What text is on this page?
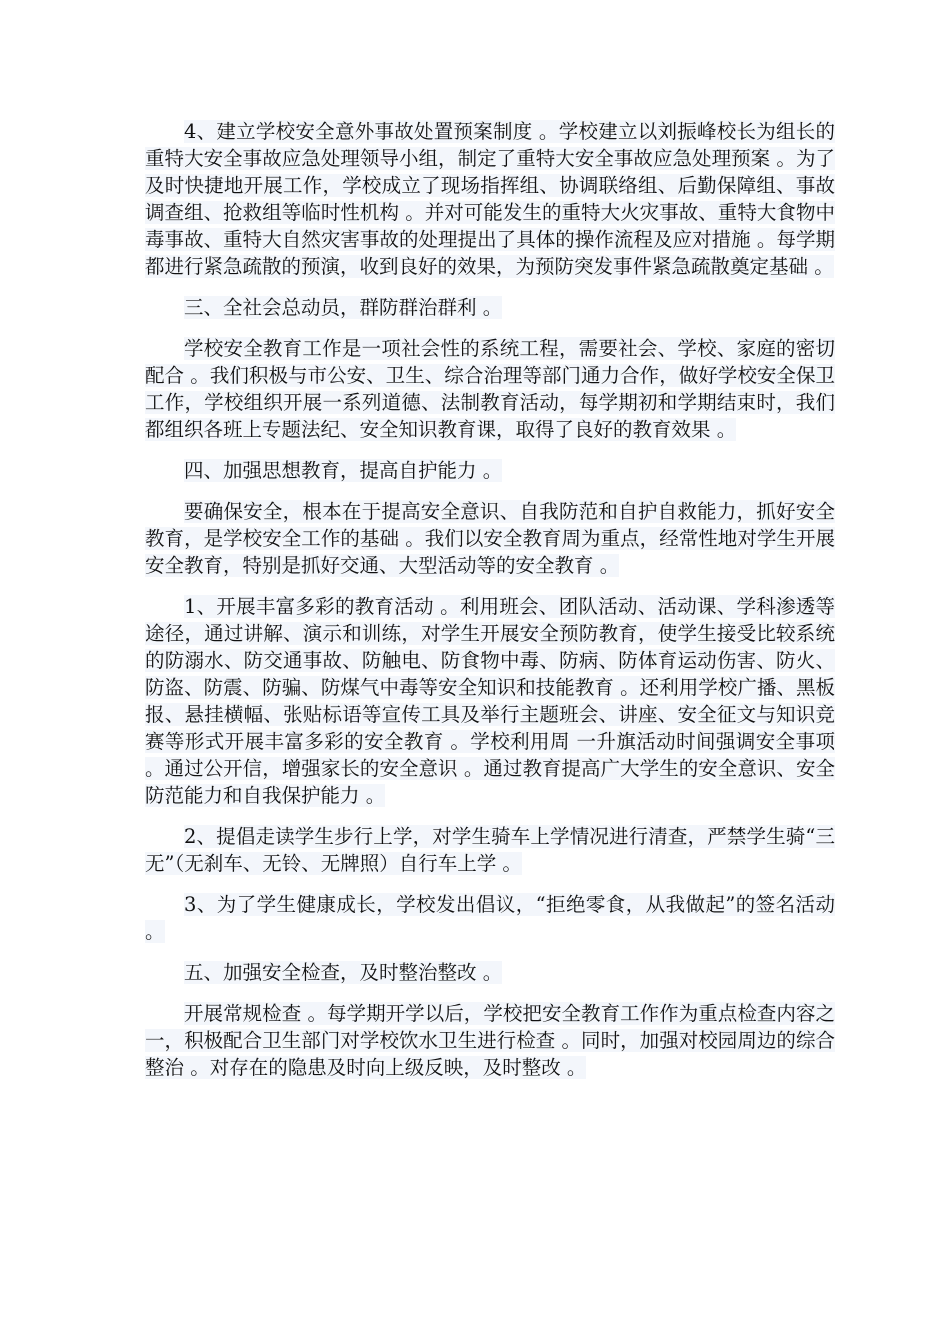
4、建立学校安全意外事故处置预案制度 。学校建立以刘振峰校长为组长的重特大安全事故应急处理领导小组，制定了重特大安全事故应急处理预案 。为了及时快捷地开展工作，学校成立了现场指挥组、协调联络组、后勤保障组、事故调查组、抢救组等临时性机构 。并对可能发生的重特大火灾事故、重特大食物中毒事故、重特大自然灾害事故的处理提出了具体的操作流程及应对措施 。每学期都进行紧急疏散的预演，收到良好的效果，为预防突发事件紧急疏散奠定基础 。

三、全社会总动员，群防群治群利 。

学校安全教育工作是一项社会性的系统工程，需要社会、学校、家庭的密切配合 。我们积极与市公安、卫生、综合治理等部门通力合作，做好学校安全保卫工作，学校组织开展一系列道德、法制教育活动，每学期初和学期结束时，我们都组织各班上专题法纪、安全知识教育课，取得了良好的教育效果 。

四、加强思想教育，提高自护能力 。

要确保安全，根本在于提高安全意识、自我防范和自护自救能力，抓好安全教育，是学校安全工作的基础 。我们以安全教育周为重点，经常性地对学生开展安全教育，特别是抓好交通、大型活动等的安全教育 。

1、开展丰富多彩的教育活动 。利用班会、团队活动、活动课、学科渗透等途径，通过讲解、演示和训练，对学生开展安全预防教育，使学生接受比较系统的防溺水、防交通事故、防触电、防食物中毒、防病、防体育运动伤害、防火、防盗、防震、防骗、防煤气中毒等安全知识和技能教育 。还利用学校广播、黑板报、悬挂横幅、张贴标语等宣传工具及举行主题班会、讲座、安全征文与知识竞赛等形式开展丰富多彩的安全教育 。学校利用周 一升旗活动时间强调安全事项 。通过公开信，增强家长的安全意识 。通过教育提高广大学生的安全意识、安全防范能力和自我保护能力 。

2、提倡走读学生步行上学，对学生骑车上学情况进行清查，严禁学生骑“三无”（无刹车、无铃、无牌照）自行车上学 。

3、为了学生健康成长，学校发出倡议，“拒绝零食，从我做起”的签名活动 。

五、加强安全检查，及时整治整改 。

开展常规检查 。每学期开学以后，学校把安全教育工作作为重点检查内容之一，积极配合卫生部门对学校饮水卫生进行检查 。同时，加强对校园周边的综合整治 。对存在的隐患及时向上级反映，及时整改 。
